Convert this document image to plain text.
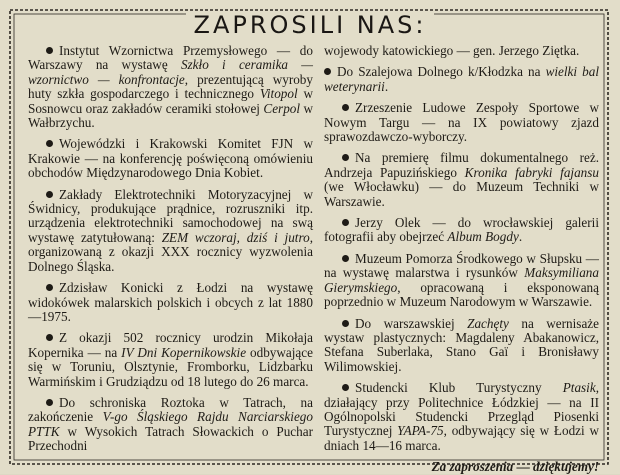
ZAPROSILI NAS:
Instytut Wzornictwa Przemysłowego — do Warszawy na wystawę Szkło i ceramika — wzornictwo — konfrontacje, prezentującą wyroby huty szkła gospodarczego i technicznego Vitopol w Sosnowcu oraz zakładów ceramiki stołowej Cerpol w Wałbrzychu.
Wojewódzki i Krakowski Komitet FJN w Krakowie — na konferencję poświęconą omówieniu obchodów Międzynarodowego Dnia Kobiet.
Zakłady Elektrotechniki Motoryzacyjnej w Świdnicy, produkujące prądnice, rozruszniki itp. urządzenia elektrotechniki samochodowej na swą wystawę zatytułowaną: ZEM wczoraj, dziś i jutro, organizowaną z okazji XXX rocznicy wyzwolenia Dolnego Śląska.
Zdzisław Konicki z Łodzi na wystawę widokówek malarskich polskich i obcych z lat 1880—1975.
Z okazji 502 rocznicy urodzin Mikołaja Kopernika — na IV Dni Kopernikowskie odbywające się w Toruniu, Olsztynie, Fromborku, Lidzbarku Warmińskim i Grudziądzu od 18 lutego do 26 marca.
Do schroniska Roztoka w Tatrach, na zakończenie V-go Śląskiego Rajdu Narciarskiego PTTK w Wysokich Tatrach Słowackich o Puchar Przechodni
wojewody katowickiego — gen. Jerzego Ziętka.
Do Szalejowa Dolnego k/Kłodzka na wielki bal weterynarii.
Zrzeszenie Ludowe Zespoły Sportowe w Nowym Targu — na IX powiatowy zjazd sprawozdawczo-wyborczy.
Na premierę filmu dokumentalnego reż. Andrzeja Papuzińskiego Kronika fabryki fajansu (we Włocławku) — do Muzeum Techniki w Warszawie.
Jerzy Olek — do wrocławskiej galerii fotografii aby obejrzeć Album Bogdy.
Muzeum Pomorza Środkowego w Słupsku — na wystawę malarstwa i rysunków Maksymiliana Gierymskiego, opracowaną i eksponowaną poprzednio w Muzeum Narodowym w Warszawie.
Do warszawskiej Zachęty na wernisaże wystaw plastycznych: Magdaleny Abakanowicz, Stefana Suberlaka, Stano Gaï i Bronisławy Wilimowskiej.
Studencki Klub Turystyczny Ptasik, działający przy Politechnice Łódzkiej — na II Ogólnopolski Studencki Przegląd Piosenki Turystycznej YAPA-75, odbywający się w Łodzi w dniach 14—16 marca.
Za zaproszenia — dziękujemy!
